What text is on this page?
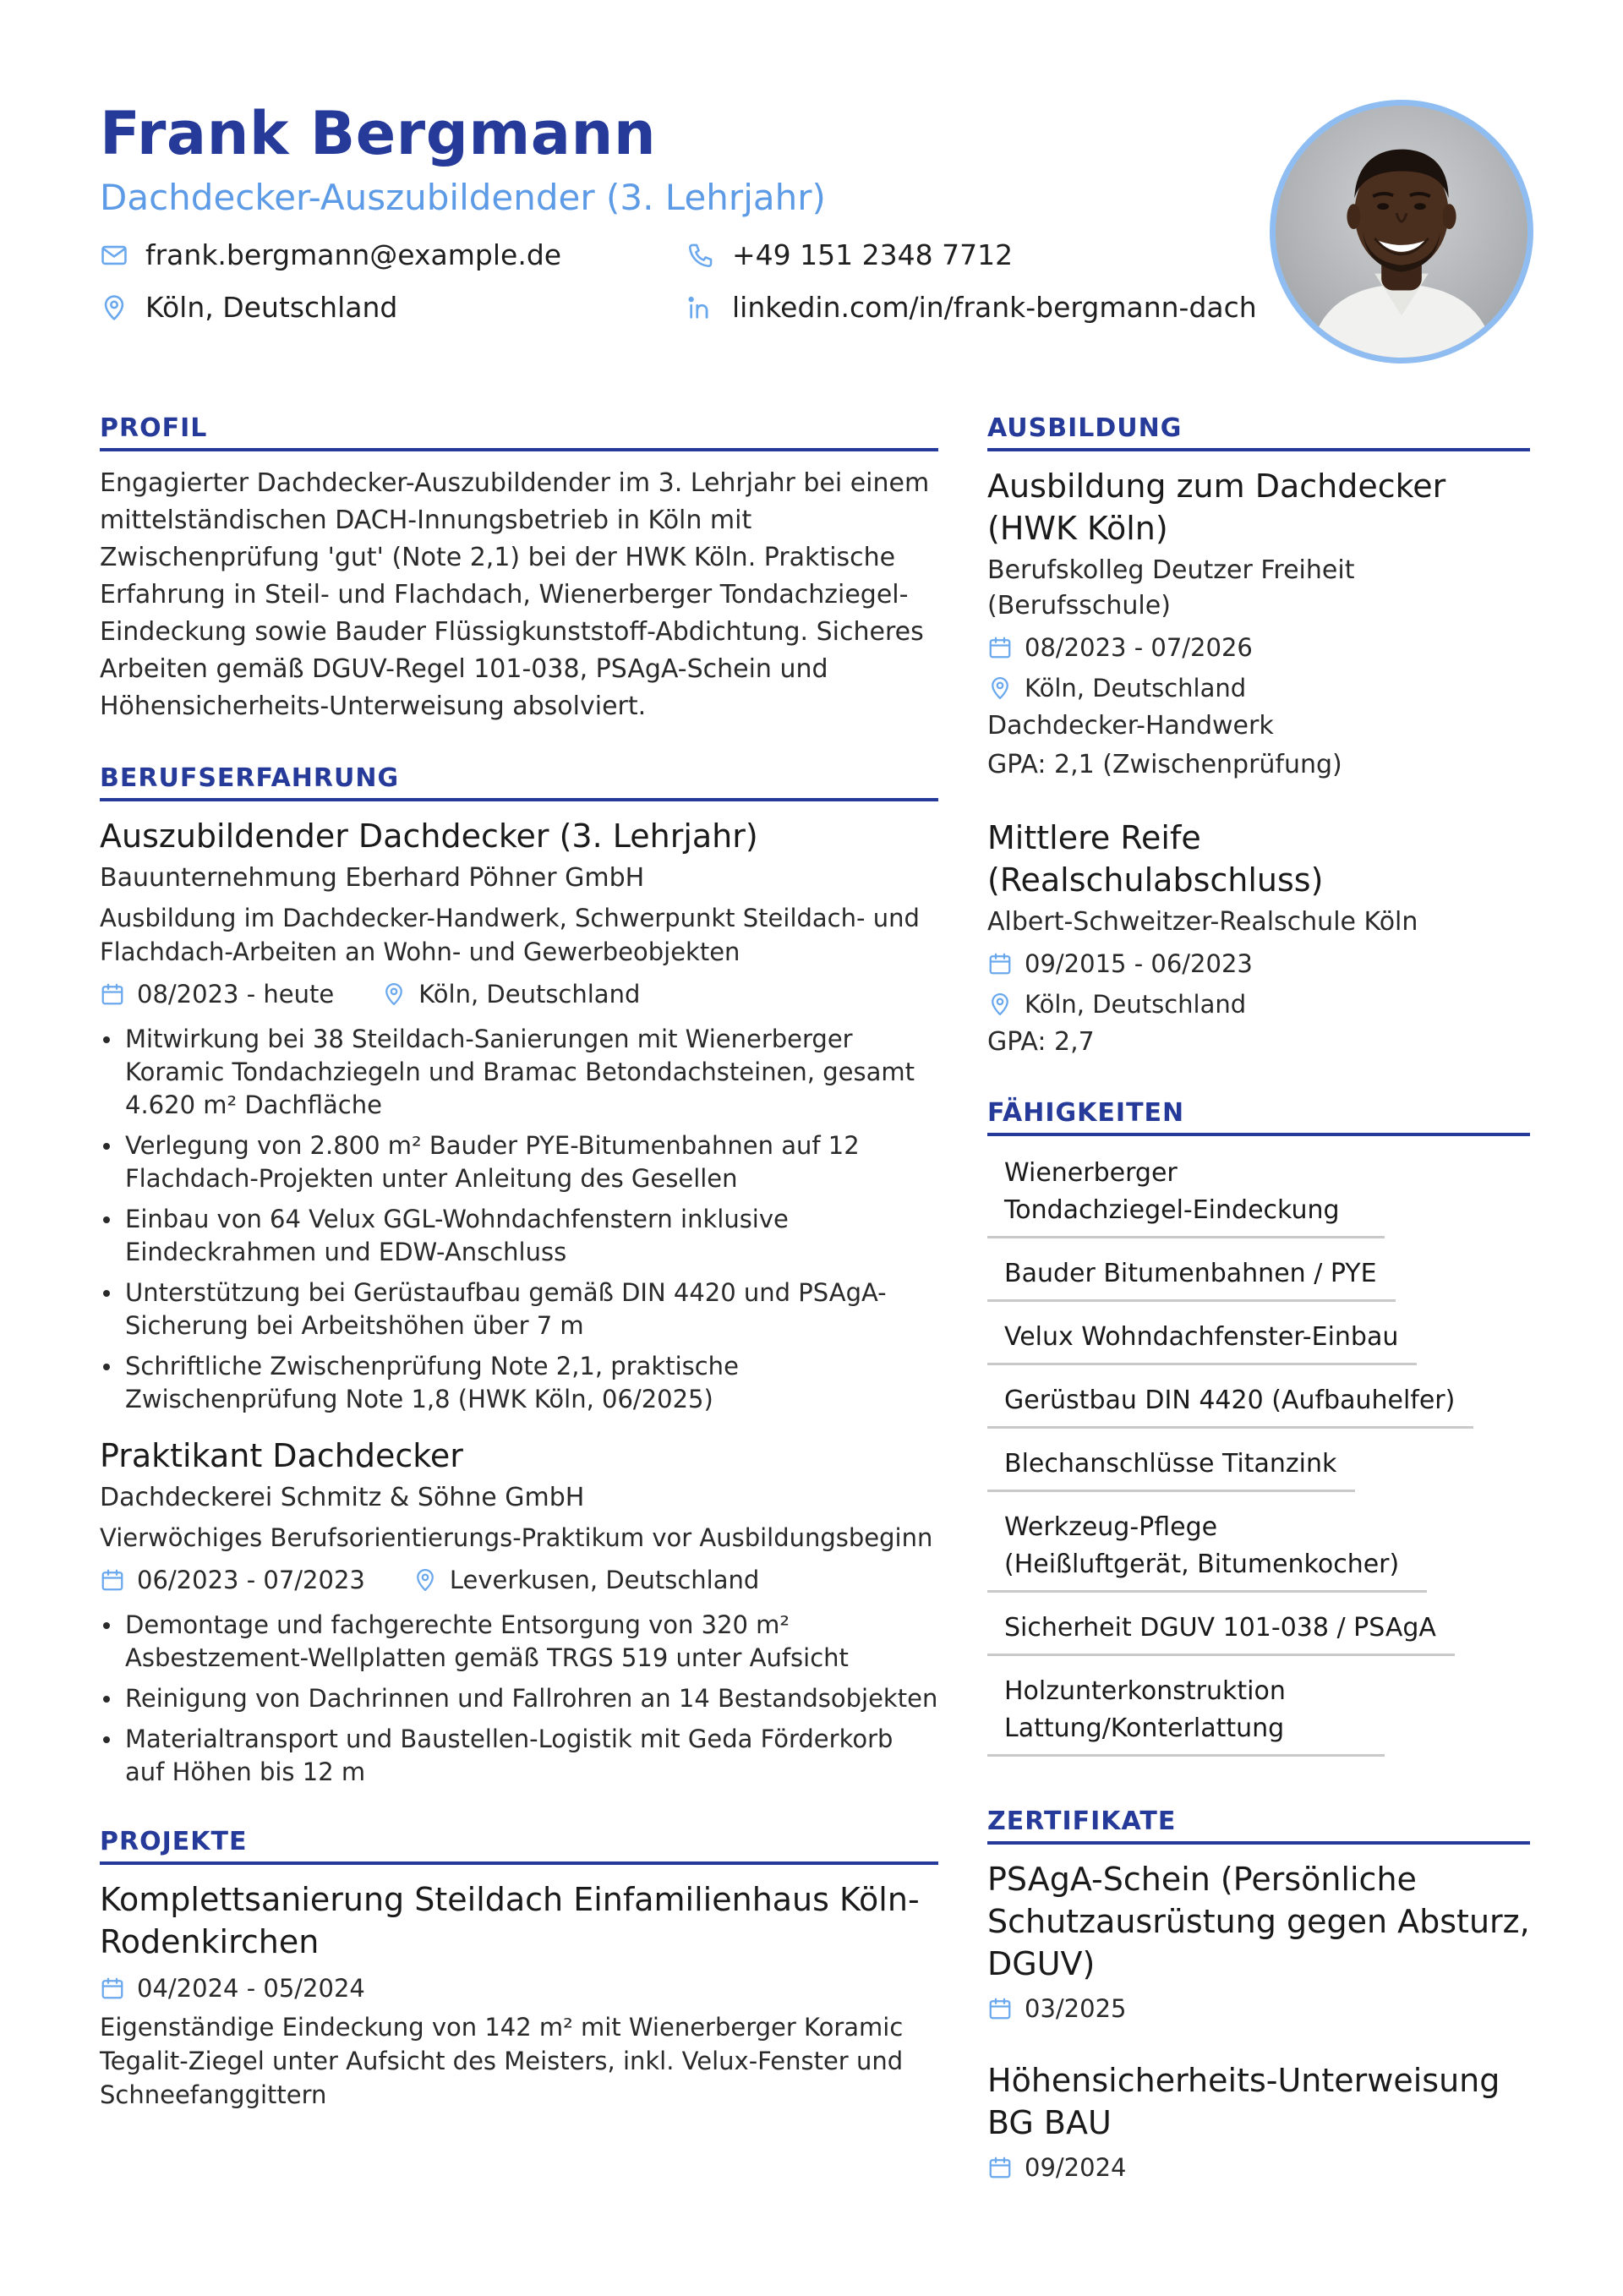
Frank Bergmann
Dachdecker-Auszubildender (3. Lehrjahr)
frank.bergmann@example.de	+49 151 2348 7712
Köln, Deutschland	linkedin.com/in/frank-bergmann-dach
PROFIL
Engagierter Dachdecker-Auszubildender im 3. Lehrjahr bei einem mittelständischen DACH-Innungsbetrieb in Köln mit Zwischenprüfung 'gut' (Note 2,1) bei der HWK Köln. Praktische Erfahrung in Steil- und Flachdach, Wienerberger Tondachziegel-Eindeckung sowie Bauder Flüssigkunststoff-Abdichtung. Sicheres Arbeiten gemäß DGUV-Regel 101-038, PSAgA-Schein und Höhensicherheits-Unterweisung absolviert.
BERUFSERFAHRUNG
Auszubildender Dachdecker (3. Lehrjahr)
Bauunternehmung Eberhard Pöhner GmbH
Ausbildung im Dachdecker-Handwerk, Schwerpunkt Steildach- und Flachdach-Arbeiten an Wohn- und Gewerbeobjekten
08/2023 - heute	Köln, Deutschland
Mitwirkung bei 38 Steildach-Sanierungen mit Wienerberger Koramic Tondachziegeln und Bramac Betondachsteinen, gesamt 4.620 m² Dachfläche
Verlegung von 2.800 m² Bauder PYE-Bitumenbahnen auf 12 Flachdach-Projekten unter Anleitung des Gesellen
Einbau von 64 Velux GGL-Wohndachfenstern inklusive Eindeckrahmen und EDW-Anschluss
Unterstützung bei Gerüstaufbau gemäß DIN 4420 und PSAgA-Sicherung bei Arbeitshöhen über 7 m
Schriftliche Zwischenprüfung Note 2,1, praktische Zwischenprüfung Note 1,8 (HWK Köln, 06/2025)
Praktikant Dachdecker
Dachdeckerei Schmitz & Söhne GmbH
Vierwöchiges Berufsorientierungs-Praktikum vor Ausbildungsbeginn
06/2023 - 07/2023	Leverkusen, Deutschland
Demontage und fachgerechte Entsorgung von 320 m² Asbestzement-Wellplatten gemäß TRGS 519 unter Aufsicht
Reinigung von Dachrinnen und Fallrohren an 14 Bestandsobjekten
Materialtransport und Baustellen-Logistik mit Geda Förderkorb auf Höhen bis 12 m
PROJEKTE
Komplettsanierung Steildach Einfamilienhaus Köln-Rodenkirchen
04/2024 - 05/2024
Eigenständige Eindeckung von 142 m² mit Wienerberger Koramic Tegalit-Ziegel unter Aufsicht des Meisters, inkl. Velux-Fenster und Schneefanggittern
AUSBILDUNG
Ausbildung zum Dachdecker (HWK Köln)
Berufskolleg Deutzer Freiheit (Berufsschule)
08/2023 - 07/2026
Köln, Deutschland
Dachdecker-Handwerk
GPA: 2,1 (Zwischenprüfung)
Mittlere Reife (Realschulabschluss)
Albert-Schweitzer-Realschule Köln
09/2015 - 06/2023
Köln, Deutschland
GPA: 2,7
FÄHIGKEITEN
Wienerberger Tondachziegel-Eindeckung
Bauder Bitumenbahnen / PYE
Velux Wohndachfenster-Einbau
Gerüstbau DIN 4420 (Aufbauhelfer)
Blechanschlüsse Titanzink
Werkzeug-Pflege (Heißluftgerät, Bitumenkocher)
Sicherheit DGUV 101-038 / PSAgA
Holzunterkonstruktion Lattung/Konterlattung
ZERTIFIKATE
PSAgA-Schein (Persönliche Schutzausrüstung gegen Absturz, DGUV)
03/2025
Höhensicherheits-Unterweisung BG BAU
09/2024
